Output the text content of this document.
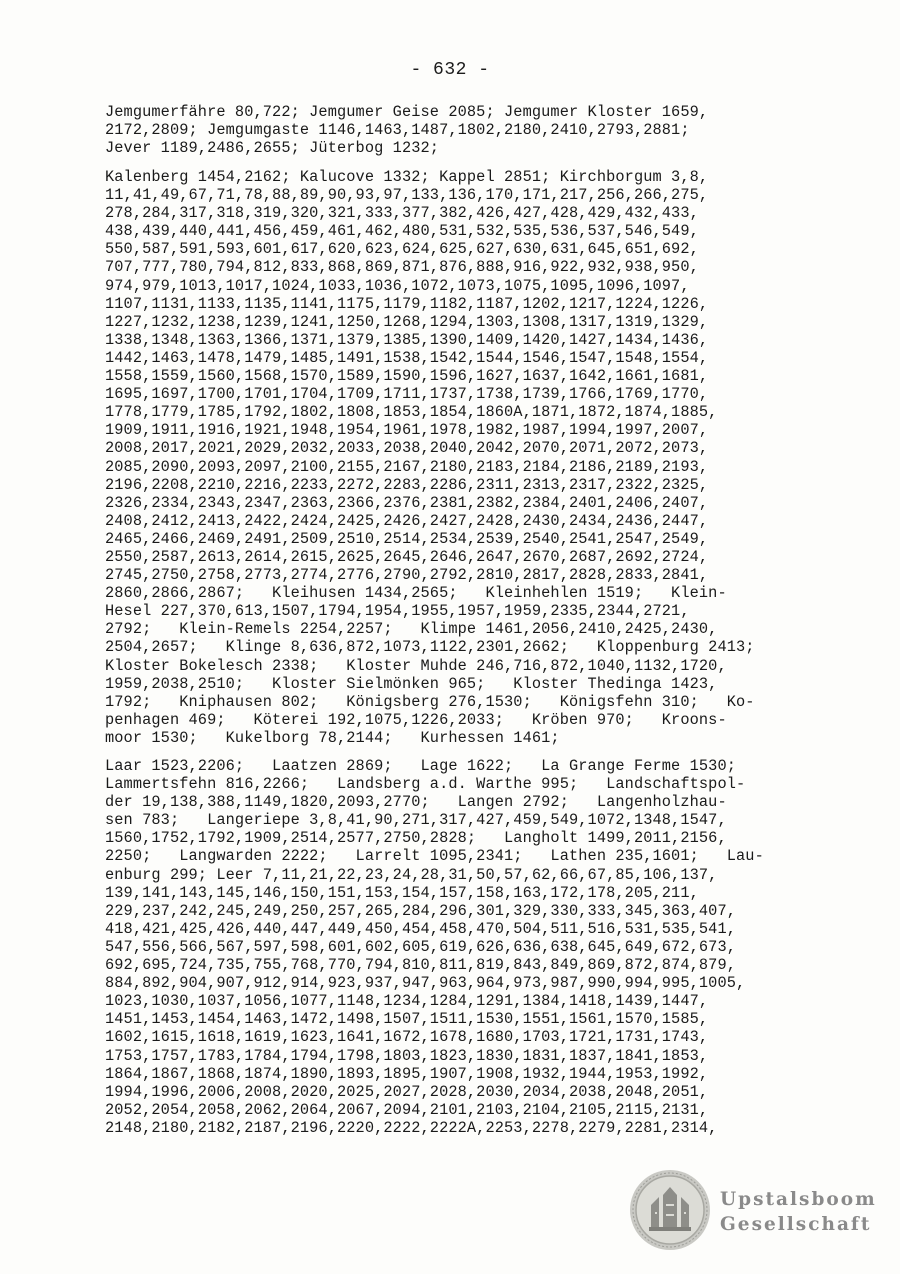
- 632 -
Jemgumerfähre 80,722; Jemgumer Geise 2085; Jemgumer Kloster 1659,
2172,2809; Jemgumgaste 1146,1463,1487,1802,2180,2410,2793,2881;
Jever 1189,2486,2655; Jüterbog 1232;
Kalenberg 1454,2162; Kalucove 1332; Kappel 2851; Kirchborgum 3,8,
11,41,49,67,71,78,88,89,90,93,97,133,136,170,171,217,256,266,275,
278,284,317,318,319,320,321,333,377,382,426,427,428,429,432,433,
438,439,440,441,456,459,461,462,480,531,532,535,536,537,546,549,
550,587,591,593,601,617,620,623,624,625,627,630,631,645,651,692,
707,777,780,794,812,833,868,869,871,876,888,916,922,932,938,950,
974,979,1013,1017,1024,1033,1036,1072,1073,1075,1095,1096,1097,
1107,1131,1133,1135,1141,1175,1179,1182,1187,1202,1217,1224,1226,
1227,1232,1238,1239,1241,1250,1268,1294,1303,1308,1317,1319,1329,
1338,1348,1363,1366,1371,1379,1385,1390,1409,1420,1427,1434,1436,
1442,1463,1478,1479,1485,1491,1538,1542,1544,1546,1547,1548,1554,
1558,1559,1560,1568,1570,1589,1590,1596,1627,1637,1642,1661,1681,
1695,1697,1700,1701,1704,1709,1711,1737,1738,1739,1766,1769,1770,
1778,1779,1785,1792,1802,1808,1853,1854,1860A,1871,1872,1874,1885,
1909,1911,1916,1921,1948,1954,1961,1978,1982,1987,1994,1997,2007,
2008,2017,2021,2029,2032,2033,2038,2040,2042,2070,2071,2072,2073,
2085,2090,2093,2097,2100,2155,2167,2180,2183,2184,2186,2189,2193,
2196,2208,2210,2216,2233,2272,2283,2286,2311,2313,2317,2322,2325,
2326,2334,2343,2347,2363,2366,2376,2381,2382,2384,2401,2406,2407,
2408,2412,2413,2422,2424,2425,2426,2427,2428,2430,2434,2436,2447,
2465,2466,2469,2491,2509,2510,2514,2534,2539,2540,2541,2547,2549,
2550,2587,2613,2614,2615,2625,2645,2646,2647,2670,2687,2692,2724,
2745,2750,2758,2773,2774,2776,2790,2792,2810,2817,2828,2833,2841,
2860,2866,2867;   Kleihusen 1434,2565;   Kleinhehlen 1519;   Klein-
Hesel 227,370,613,1507,1794,1954,1955,1957,1959,2335,2344,2721,
2792;   Klein-Remels 2254,2257;   Klimpe 1461,2056,2410,2425,2430,
2504,2657;   Klinge 8,636,872,1073,1122,2301,2662;   Kloppenburg 2413;
Kloster Bokelesch 2338;   Kloster Muhde 246,716,872,1040,1132,1720,
1959,2038,2510;   Kloster Sielmönken 965;   Kloster Thedinga 1423,
1792;   Kniphausen 802;   Königsberg 276,1530;   Königsfehn 310;   Ko-
penhagen 469;   Köterei 192,1075,1226,2033;   Kröben 970;   Kroons-
moor 1530;   Kukelborg 78,2144;   Kurhessen 1461;
Laar 1523,2206;   Laatzen 2869;   Lage 1622;   La Grange Ferme 1530;
Lammertsfehn 816,2266;   Landsberg a.d. Warthe 995;   Landschaftspol-
der 19,138,388,1149,1820,2093,2770;   Langen 2792;   Langenholzhau-
sen 783;   Langeriepe 3,8,41,90,271,317,427,459,549,1072,1348,1547,
1560,1752,1792,1909,2514,2577,2750,2828;   Langholt 1499,2011,2156,
2250;   Langwarden 2222;   Larrelt 1095,2341;   Lathen 235,1601;   Lau-
enburg 299; Leer 7,11,21,22,23,24,28,31,50,57,62,66,67,85,106,137,
139,141,143,145,146,150,151,153,154,157,158,163,172,178,205,211,
229,237,242,245,249,250,257,265,284,296,301,329,330,333,345,363,407,
418,421,425,426,440,447,449,450,454,458,470,504,511,516,531,535,541,
547,556,566,567,597,598,601,602,605,619,626,636,638,645,649,672,673,
692,695,724,735,755,768,770,794,810,811,819,843,849,869,872,874,879,
884,892,904,907,912,914,923,937,947,963,964,973,987,990,994,995,1005,
1023,1030,1037,1056,1077,1148,1234,1284,1291,1384,1418,1439,1447,
1451,1453,1454,1463,1472,1498,1507,1511,1530,1551,1561,1570,1585,
1602,1615,1618,1619,1623,1641,1672,1678,1680,1703,1721,1731,1743,
1753,1757,1783,1784,1794,1798,1803,1823,1830,1831,1837,1841,1853,
1864,1867,1868,1874,1890,1893,1895,1907,1908,1932,1944,1953,1992,
1994,1996,2006,2008,2020,2025,2027,2028,2030,2034,2038,2048,2051,
2052,2054,2058,2062,2064,2067,2094,2101,2103,2104,2105,2115,2131,
2148,2180,2182,2187,2196,2220,2222,2222A,2253,2278,2279,2281,2314,
Upstalsboom
Gesellschaft
